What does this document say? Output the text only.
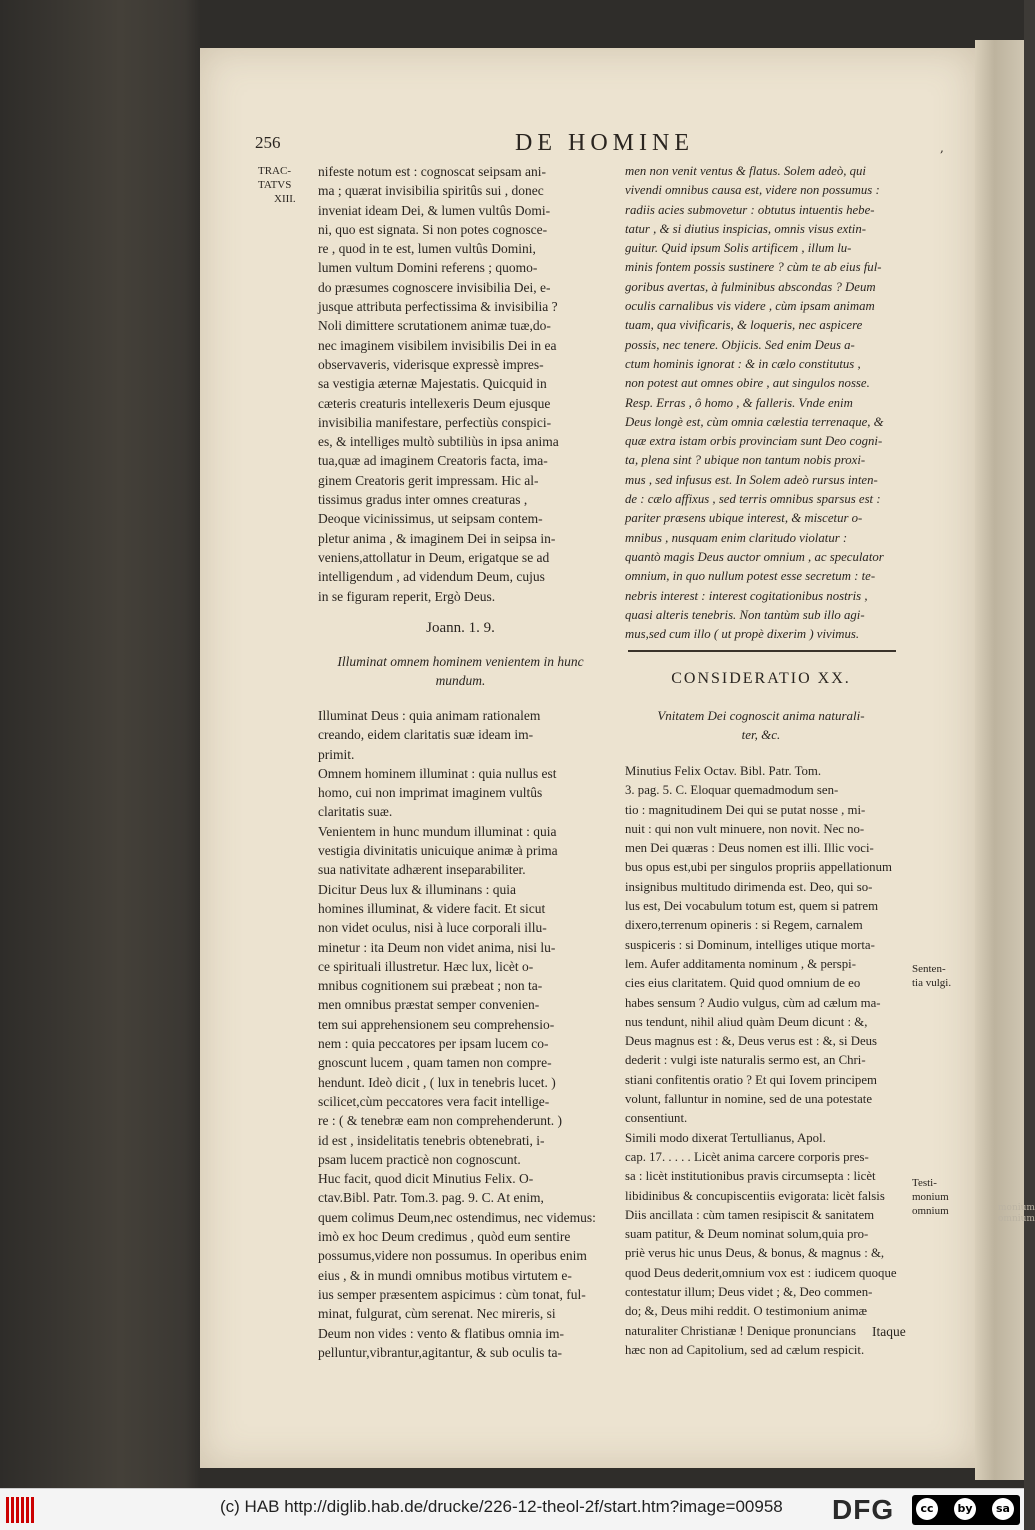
monium
omnium
256	DE HOMINE	,
TRAC-
TATVS
XIII.
nifeste notum est : cognoscat seipsam ani-
ma ; quærat invisibilia spiritûs sui , donec
inveniat ideam Dei, & lumen vultûs Domi-
ni, quo est signata. Si non potes cognosce-
re , quod in te est, lumen vultûs Domini,
lumen vultum Domini referens ; quomo-
do præsumes cognoscere invisibilia Dei, e-
jusque attributa perfectissima & invisibilia ?
Noli dimittere scrutationem animæ tuæ,do-
nec imaginem visibilem invisibilis Dei in ea
observaveris, viderisque expressè impres-
sa vestigia æternæ Majestatis. Quicquid in
cæteris creaturis intellexeris Deum ejusque
invisibilia manifestare, perfectiùs conspici-
es, & intelliges multò subtiliùs in ipsa anima
tua,quæ ad imaginem Creatoris facta, ima-
ginem Creatoris gerit impressam. Hic al-
tissimus gradus inter omnes creaturas ,
Deoque vicinissimus, ut seipsam contem-
pletur anima , & imaginem Dei in seipsa in-
veniens,attollatur in Deum, erigatque se ad
intelligendum , ad videndum Deum, cujus
in se figuram reperit, Ergò Deus.
Joann. 1. 9.
Illuminat omnem hominem venientem in hunc
mundum.
Illuminat Deus : quia animam rationalem
creando, eidem claritatis suæ ideam im-
primit.
Omnem hominem illuminat : quia nullus est
homo, cui non imprimat imaginem vultûs
claritatis suæ.
Venientem in hunc mundum illuminat : quia
vestigia divinitatis unicuique animæ à prima
sua nativitate adhærent inseparabiliter.
Dicitur Deus lux & illuminans : quia
homines illuminat, & videre facit. Et sicut
non videt oculus, nisi à luce corporali illu-
minetur : ita Deum non videt anima, nisi lu-
ce spirituali illustretur. Hæc lux, licèt o-
mnibus cognitionem sui præbeat ; non ta-
men omnibus præstat semper convenien-
tem sui apprehensionem seu comprehensio-
nem : quia peccatores per ipsam lucem co-
gnoscunt lucem , quam tamen non compre-
hendunt. Ideò dicit , ( lux in tenebris lucet. )
scilicet,cùm peccatores vera facit intellige-
re : ( & tenebræ eam non comprehenderunt. )
id est , insidelitatis tenebris obtenebrati, i-
psam lucem practicè non cognoscunt.
Huc facit, quod dicit Minutius Felix. O-
ctav.Bibl. Patr. Tom.3. pag. 9. C. At enim,
quem colimus Deum,nec ostendimus, nec videmus:
imò ex hoc Deum credimus , quòd eum sentire
possumus,videre non possumus. In operibus enim
eius , & in mundi omnibus motibus virtutem e-
ius semper præsentem aspicimus : cùm tonat, ful-
minat, fulgurat, cùm serenat. Nec mireris, si
Deum non vides : vento & flatibus omnia im-
pelluntur,vibrantur,agitantur, & sub oculis ta-
men non venit ventus & flatus. Solem adeò, qui
vivendi omnibus causa est, videre non possumus :
radiis acies submovetur : obtutus intuentis hebe-
tatur , & si diutius inspicias, omnis visus extin-
guitur. Quid ipsum Solis artificem , illum lu-
minis fontem possis sustinere ? cùm te ab eius ful-
goribus avertas, à fulminibus abscondas ? Deum
oculis carnalibus vis videre , cùm ipsam animam
tuam, qua vivificaris, & loqueris, nec aspicere
possis, nec tenere. Objicis. Sed enim Deus a-
ctum hominis ignorat : & in cælo constitutus ,
non potest aut omnes obire , aut singulos nosse.
Resp. Erras , ô homo , & falleris. Vnde enim
Deus longè est, cùm omnia cælestia terrenaque, &
quæ extra istam orbis provinciam sunt Deo cogni-
ta, plena sint ? ubique non tantum nobis proxi-
mus , sed infusus est. In Solem adeò rursus inten-
de : cælo affixus , sed terris omnibus sparsus est :
pariter præsens ubique interest, & miscetur o-
mnibus , nusquam enim claritudo violatur :
quantò magis Deus auctor omnium , ac speculator
omnium, in quo nullum potest esse secretum : te-
nebris interest : interest cogitationibus nostris ,
quasi alteris tenebris. Non tantùm sub illo agi-
mus,sed cum illo ( ut propè dixerim ) vivimus.
CONSIDERATIO XX.
Vnitatem Dei cognoscit anima naturali-
ter, &c.
Minutius Felix Octav. Bibl. Patr. Tom.
3. pag. 5. C. Eloquar quemadmodum sen-
tio : magnitudinem Dei qui se putat nosse , mi-
nuit : qui non vult minuere, non novit. Nec no-
men Dei quæras : Deus nomen est illi. Illic voci-
bus opus est,ubi per singulos propriis appellationum
insignibus multitudo dirimenda est. Deo, qui so-
lus est, Dei vocabulum totum est, quem si patrem
dixero,terrenum opineris : si Regem, carnalem
suspiceris : si Dominum, intelliges utique morta-
lem. Aufer additamenta nominum , & perspi-
cies eius claritatem. Quid quod omnium de eo
habes sensum ? Audio vulgus, cùm ad cælum ma-
nus tendunt, nihil aliud quàm Deum dicunt : &,
Deus magnus est : &, Deus verus est : &, si Deus
dederit : vulgi iste naturalis sermo est, an Chri-
stiani confitentis oratio ? Et qui Iovem principem
volunt, falluntur in nomine, sed de una potestate
consentiunt.
Simili modo dixerat Tertullianus, Apol.
cap. 17. . . . . Licèt anima carcere corporis pres-
sa : licèt institutionibus pravis circumsepta : licèt
libidinibus & concupiscentiis evigorata: licèt falsis
Diis ancillata : cùm tamen resipiscit & sanitatem
suam patitur, & Deum nominat solum,quia pro-
priè verus hic unus Deus, & bonus, & magnus : &,
quod Deus dederit,omnium vox est : iudicem quoque
contestatur illum; Deus videt ; &, Deo commen-
do; &, Deus mihi reddit. O testimonium animæ
naturaliter Christianæ ! Denique pronuncians
hæc non ad Capitolium, sed ad cælum respicit.
Senten-
tia vulgi.
Testi-
monium
omnium
Itaque
(c) HAB http://diglib.hab.de/drucke/226-12-theol-2f/start.htm?image=00958 DFG	cc	by	sa
